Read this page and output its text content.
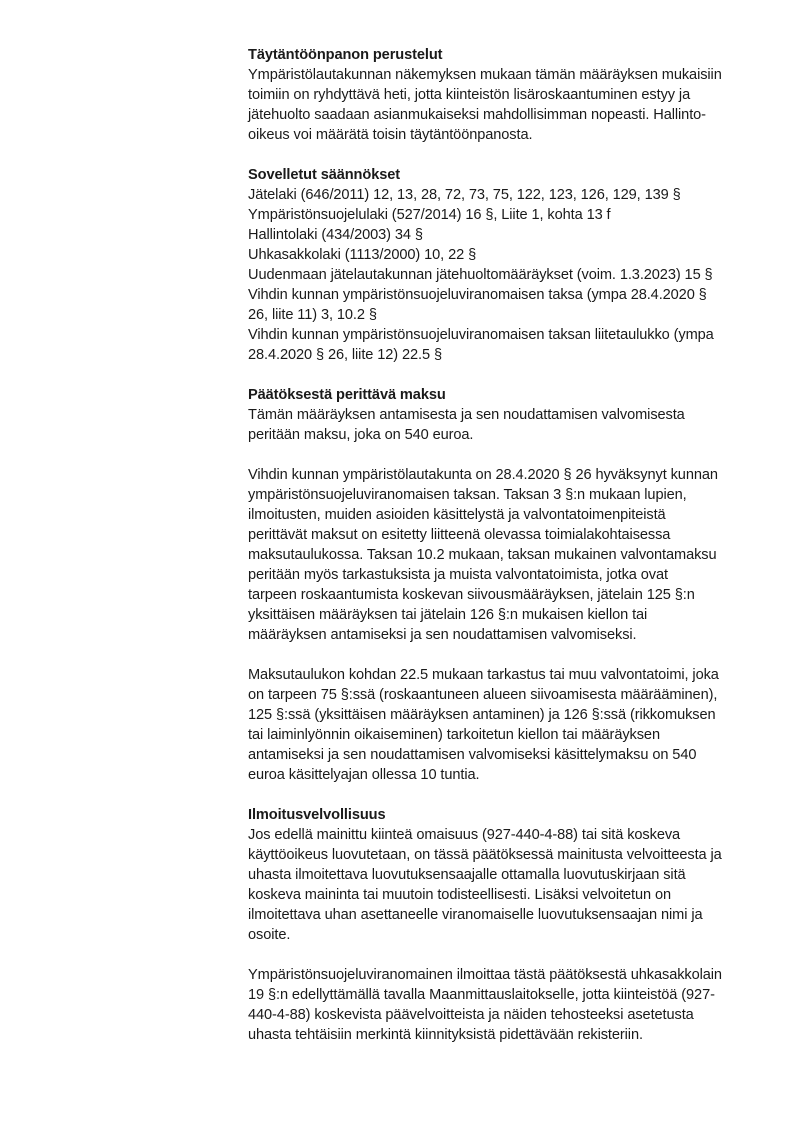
Täytäntöönpanon perustelut
Ympäristölautakunnan näkemyksen mukaan tämän määräyksen mukaisiin
toimiin on ryhdyttävä heti, jotta kiinteistön lisäroskaantuminen estyy ja
jätehuolto saadaan asianmukaiseksi mahdollisimman nopeasti. Hallinto-
oikeus voi määrätä toisin täytäntöönpanosta.
Sovelletut säännökset
Jätelaki (646/2011) 12, 13, 28, 72, 73, 75, 122, 123, 126, 129, 139 §
Ympäristönsuojelulaki (527/2014) 16 §, Liite 1, kohta 13 f
Hallintolaki (434/2003) 34 §
Uhkasakkolaki (1113/2000) 10, 22 §
Uudenmaan jätelautakunnan jätehuoltomääräykset (voim. 1.3.2023) 15 §
Vihdin kunnan ympäristönsuojeluviranomaisen taksa (ympa 28.4.2020 §
26, liite 11) 3, 10.2 §
Vihdin kunnan ympäristönsuojeluviranomaisen taksan liitetaulukko (ympa
28.4.2020 § 26, liite 12) 22.5 §
Päätöksestä perittävä maksu
Tämän määräyksen antamisesta ja sen noudattamisen valvomisesta
peritään maksu, joka on 540 euroa.
Vihdin kunnan ympäristölautakunta on 28.4.2020 § 26 hyväksynyt kunnan
ympäristönsuojeluviranomaisen taksan. Taksan 3 §:n mukaan lupien,
ilmoitusten, muiden asioiden käsittelystä ja valvontatoimenpiteistä
perittävät maksut on esitetty liitteenä olevassa toimialakohtaisessa
maksutaulukossa. Taksan 10.2 mukaan, taksan mukainen valvontamaksu
peritään myös tarkastuksista ja muista valvontatoimista, jotka ovat
tarpeen roskaantumista koskevan siivousmääräyksen, jätelain 125 §:n
yksittäisen määräyksen tai jätelain 126 §:n mukaisen kiellon tai
määräyksen antamiseksi ja sen noudattamisen valvomiseksi.
Maksutaulukon kohdan 22.5 mukaan tarkastus tai muu valvontatoimi, joka
on tarpeen 75 §:ssä (roskaantuneen alueen siivoamisesta määrääminen),
125 §:ssä (yksittäisen määräyksen antaminen) ja 126 §:ssä (rikkomuksen
tai laiminlyönnin oikaiseminen) tarkoitetun kiellon tai määräyksen
antamiseksi ja sen noudattamisen valvomiseksi käsittelymaksu on 540
euroa käsittelyajan ollessa 10 tuntia.
Ilmoitusvelvollisuus
Jos edellä mainittu kiinteä omaisuus (927-440-4-88) tai sitä koskeva
käyttöoikeus luovutetaan, on tässä päätöksessä mainitusta velvoitteesta ja
uhasta ilmoitettava luovutuksensaajalle ottamalla luovutuskirjaan sitä
koskeva maininta tai muutoin todisteellisesti. Lisäksi velvoitetun on
ilmoitettava uhan asettaneelle viranomaiselle luovutuksensaajan nimi ja
osoite.
Ympäristönsuojeluviranomainen ilmoittaa tästä päätöksestä uhkasakkolain
19 §:n edellyttämällä tavalla Maanmittauslaitokselle, jotta kiinteistöä (927-
440-4-88) koskevista päävelvoitteista ja näiden tehosteeksi asetetusta
uhasta tehtäisiin merkintä kiinnityksistä pidettävään rekisteriin.
